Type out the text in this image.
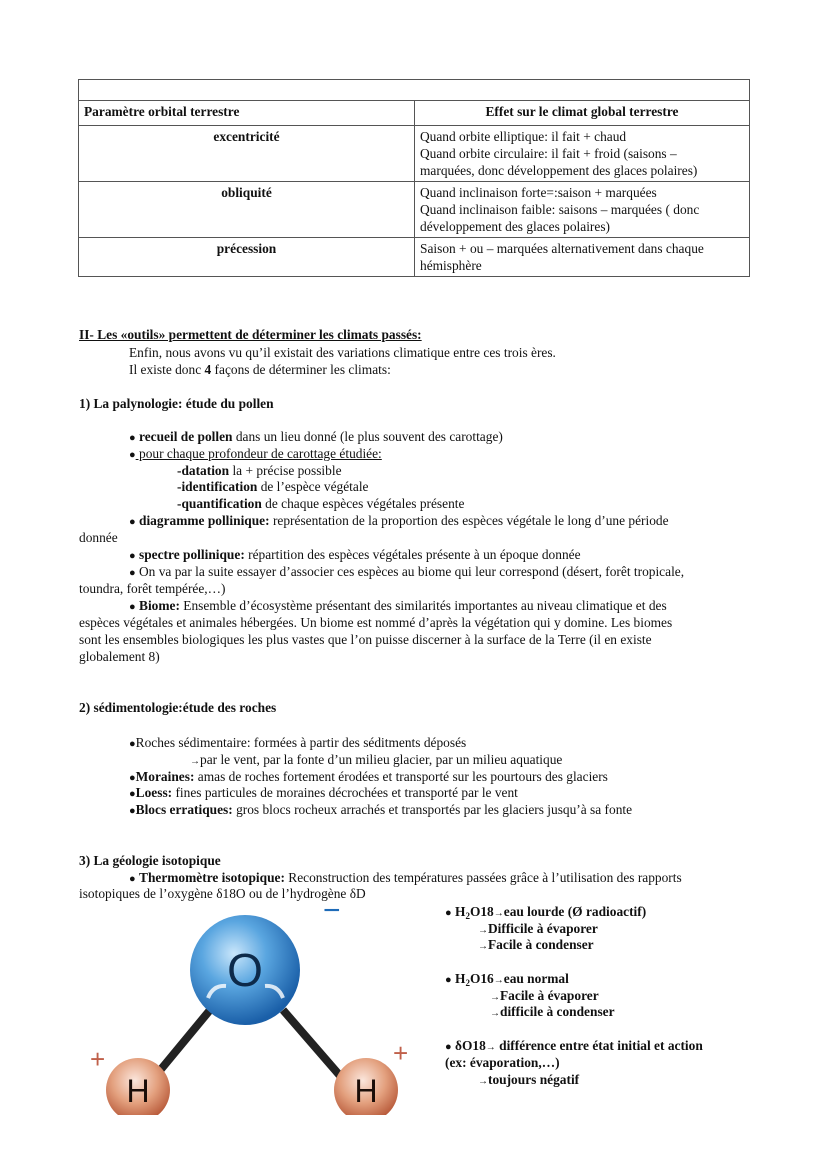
Paramètre orbital terrestre	Effet sur le climat global terrestre
excentricité	Quand orbite elliptique: il fait + chaud
Quand orbite circulaire: il fait + froid (saisons –
marquées, donc développement des glaces polaires)

obliquité	Quand inclinaison forte=:saison + marquées
Quand inclinaison faible: saisons – marquées ( donc
développement des glaces polaires)

précession	Saison + ou – marquées alternativement dans chaque
hémisphère
II- Les «outils» permettent de déterminer les climats passés:
Enfin, nous avons vu qu’il existait des variations climatique entre ces trois ères.
Il existe donc 4 façons de déterminer les climats:
1) La palynologie: étude du pollen
● recueil de pollen dans un lieu donné (le plus souvent des carottage)
● pour chaque profondeur de carottage étudiée:
-datation la + précise possible
-identification de l’espèce végétale
-quantification de chaque espèces végétales présente
● diagramme pollinique: représentation de la proportion des espèces végétale le long d’une période
donnée
● spectre pollinique: répartition des espèces végétales présente à un époque donnée
● On va par la suite essayer d’associer ces espèces au biome qui leur correspond (désert, forêt tropicale,
toundra, forêt tempérée,…)
● Biome: Ensemble d’écosystème présentant des similarités importantes au niveau climatique et des
espèces végétales et animales hébergées. Un biome est nommé d’après la végétation qui y domine. Les biomes
sont les ensembles biologiques les plus vastes que l’on puisse discerner à la surface de la Terre (il en existe
globalement 8)
2) sédimentologie:étude des roches
●Roches sédimentaire: formées à partir des séditments déposés
→par le vent, par la fonte d’un milieu glacier, par un milieu aquatique
●Moraines: amas de roches fortement érodées et transporté sur les pourtours des glaciers
●Loess: fines particules de moraines décrochées et transporté par le vent
●Blocs erratiques: gros blocs rocheux arrachés et transportés par les glaciers jusqu’à sa fonte
3) La géologie isotopique
● Thermomètre isotopique: Reconstruction des températures passées grâce à l’utilisation des rapports
isotopiques de l’oxygène δ18O ou de l’hydrogène δD
● $H_2O18\to eau$ lourde (Ø radioactif)
→Difficile à évaporer
→Facile à condenser
● $H_2O16\to eau$ normal
→Facile à évaporer
→difficile à condenser
● δO18→ différence entre état initial et action
(ex: évaporation,…)
→toujours négatif
O
−
H	H
+	+
